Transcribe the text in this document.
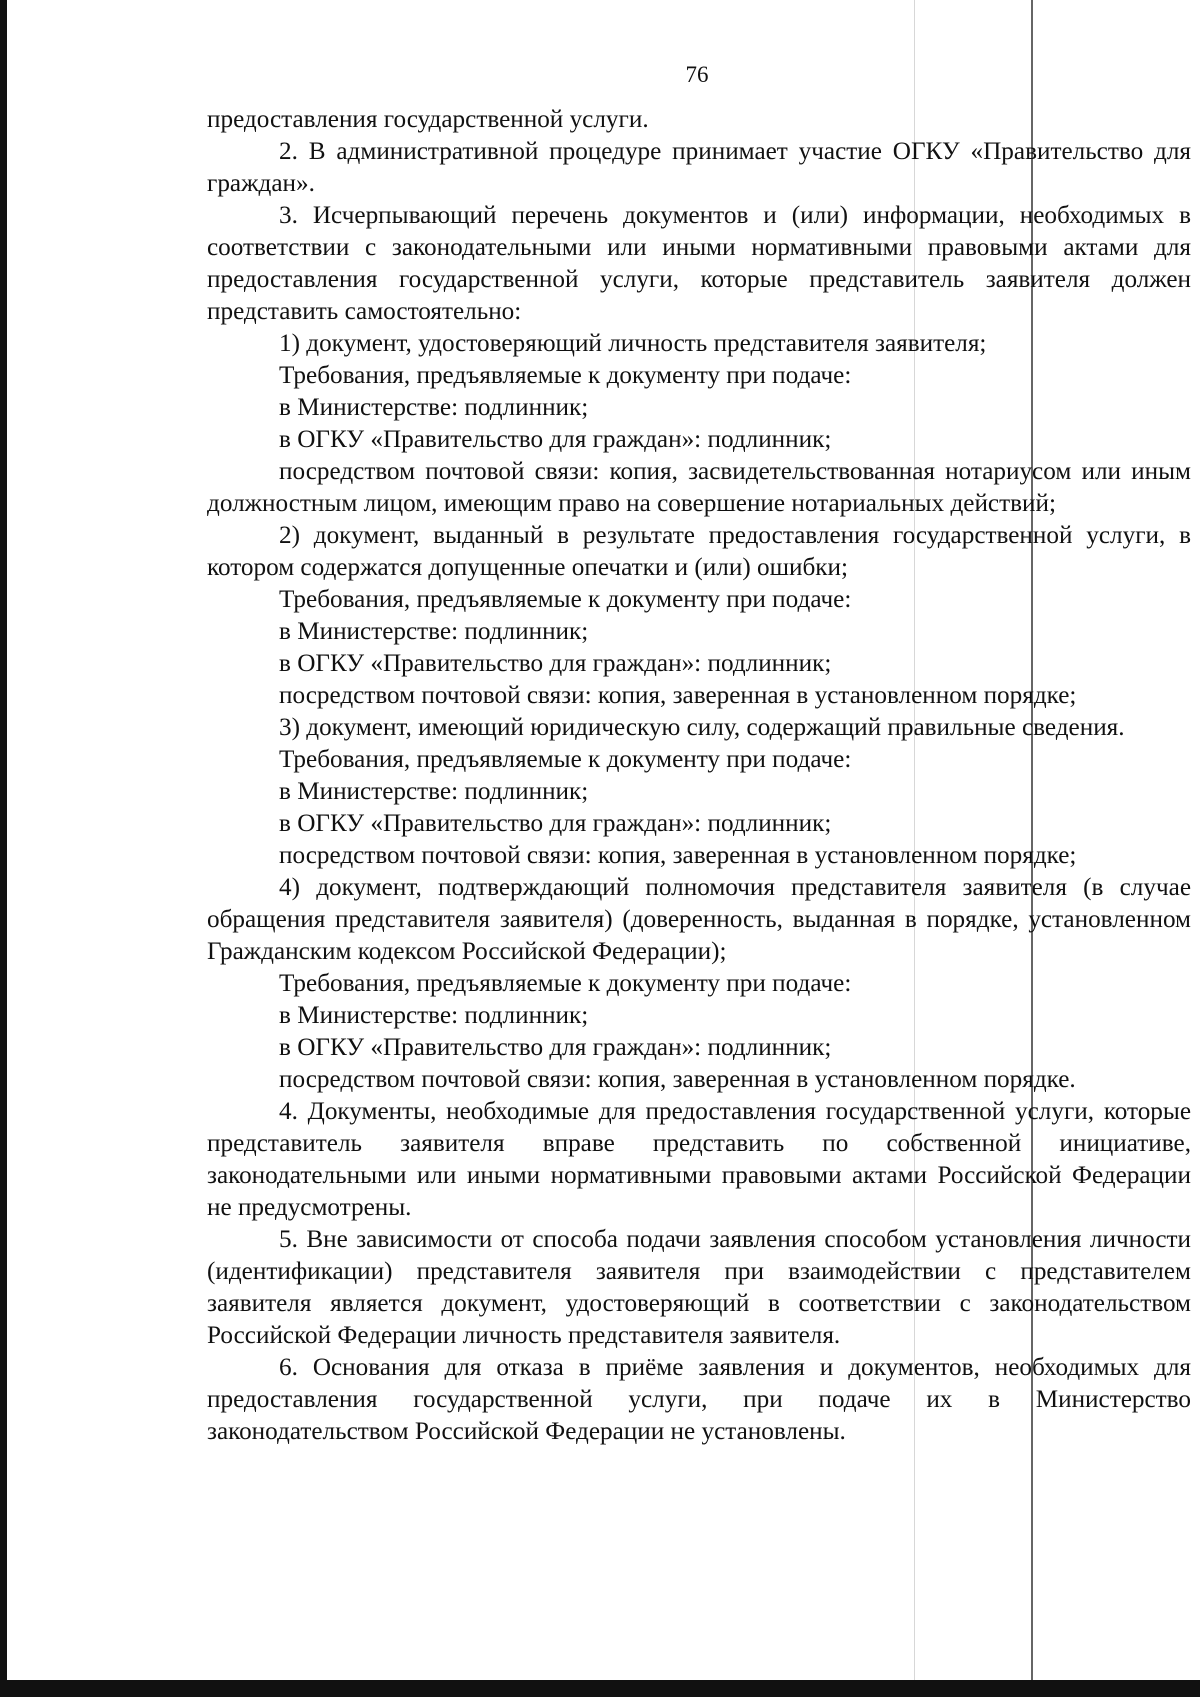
76

предоставления государственной услуги.

2. В административной процедуре принимает участие ОГКУ «Правительство для граждан».

3. Исчерпывающий перечень документов и (или) информации, необходимых в соответствии с законодательными или иными нормативными правовыми актами для предоставления государственной услуги, которые представитель заявителя должен представить самостоятельно:

1) документ, удостоверяющий личность представителя заявителя;

Требования, предъявляемые к документу при подаче:

в Министерстве: подлинник;

в ОГКУ «Правительство для граждан»: подлинник;

посредством почтовой связи: копия, засвидетельствованная нотариусом или иным должностным лицом, имеющим право на совершение нотариальных действий;

2) документ, выданный в результате предоставления государственной услуги, в котором содержатся допущенные опечатки и (или) ошибки;

Требования, предъявляемые к документу при подаче:

в Министерстве: подлинник;

в ОГКУ «Правительство для граждан»: подлинник;

посредством почтовой связи: копия, заверенная в установленном порядке;

3) документ, имеющий юридическую силу, содержащий правильные сведения.

Требования, предъявляемые к документу при подаче:

в Министерстве: подлинник;

в ОГКУ «Правительство для граждан»: подлинник;

посредством почтовой связи: копия, заверенная в установленном порядке;

4) документ, подтверждающий полномочия представителя заявителя (в случае обращения представителя заявителя) (доверенность, выданная в порядке, установленном Гражданским кодексом Российской Федерации);

Требования, предъявляемые к документу при подаче:

в Министерстве: подлинник;

в ОГКУ «Правительство для граждан»: подлинник;

посредством почтовой связи: копия, заверенная в установленном порядке.

4. Документы, необходимые для предоставления государственной услуги, которые представитель заявителя вправе представить по собственной инициативе, законодательными или иными нормативными правовыми актами Российской Федерации не предусмотрены.

5. Вне зависимости от способа подачи заявления способом установления личности (идентификации) представителя заявителя при взаимодействии с представителем заявителя является документ, удостоверяющий в соответствии с законодательством Российской Федерации личность представителя заявителя.

6. Основания для отказа в приёме заявления и документов, необходимых для предоставления государственной услуги, при подаче их в Министерство законодательством Российской Федерации не установлены.
